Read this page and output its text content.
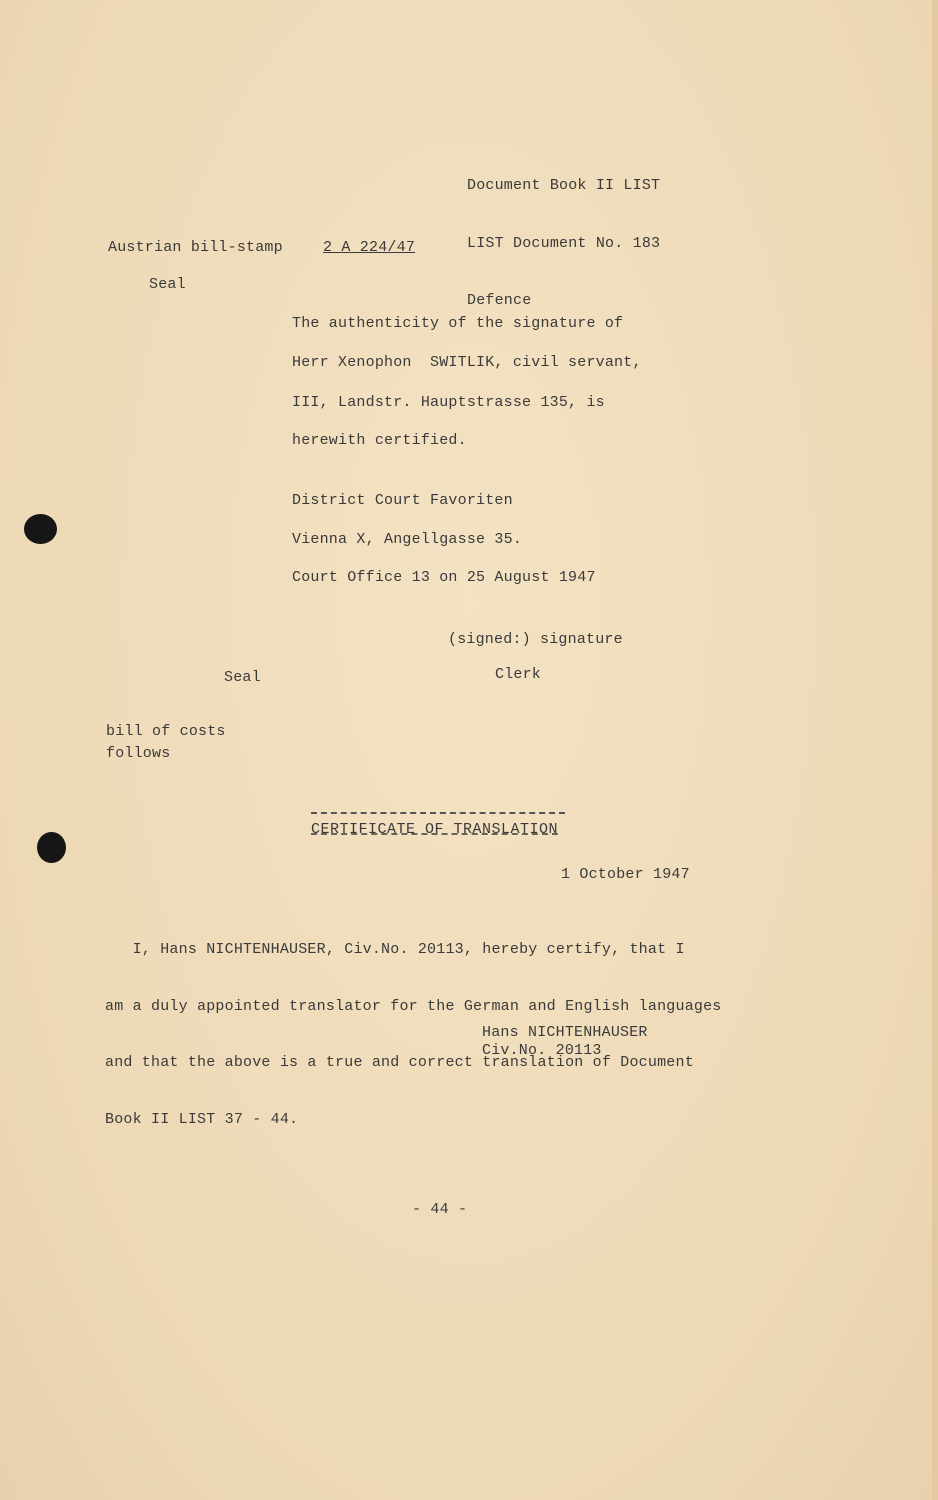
Document Book II LIST

LIST Document No. 183

Defence

Austrian bill-stamp	2 A 224/47
Seal
The authenticity of the signature of
Herr Xenophon  SWITLIK, civil servant,
III, Landstr. Hauptstrasse 135, is
herewith certified.
District Court Favoriten
Vienna X, Angellgasse 35.
Court Office 13 on 25 August 1947
(signed:) signature
Clerk
Seal
bill of costs
follows
CERTIFICATE OF TRANSLATION
1 October 1947

I, Hans NICHTENHAUSER, Civ.No. 20113, hereby certify, that I

am a duly appointed translator for the German and English languages

and that the above is a true and correct translation of Document

Book II LIST 37 - 44.

Hans NICHTENHAUSER
Civ.No. 20113
- 44 -
